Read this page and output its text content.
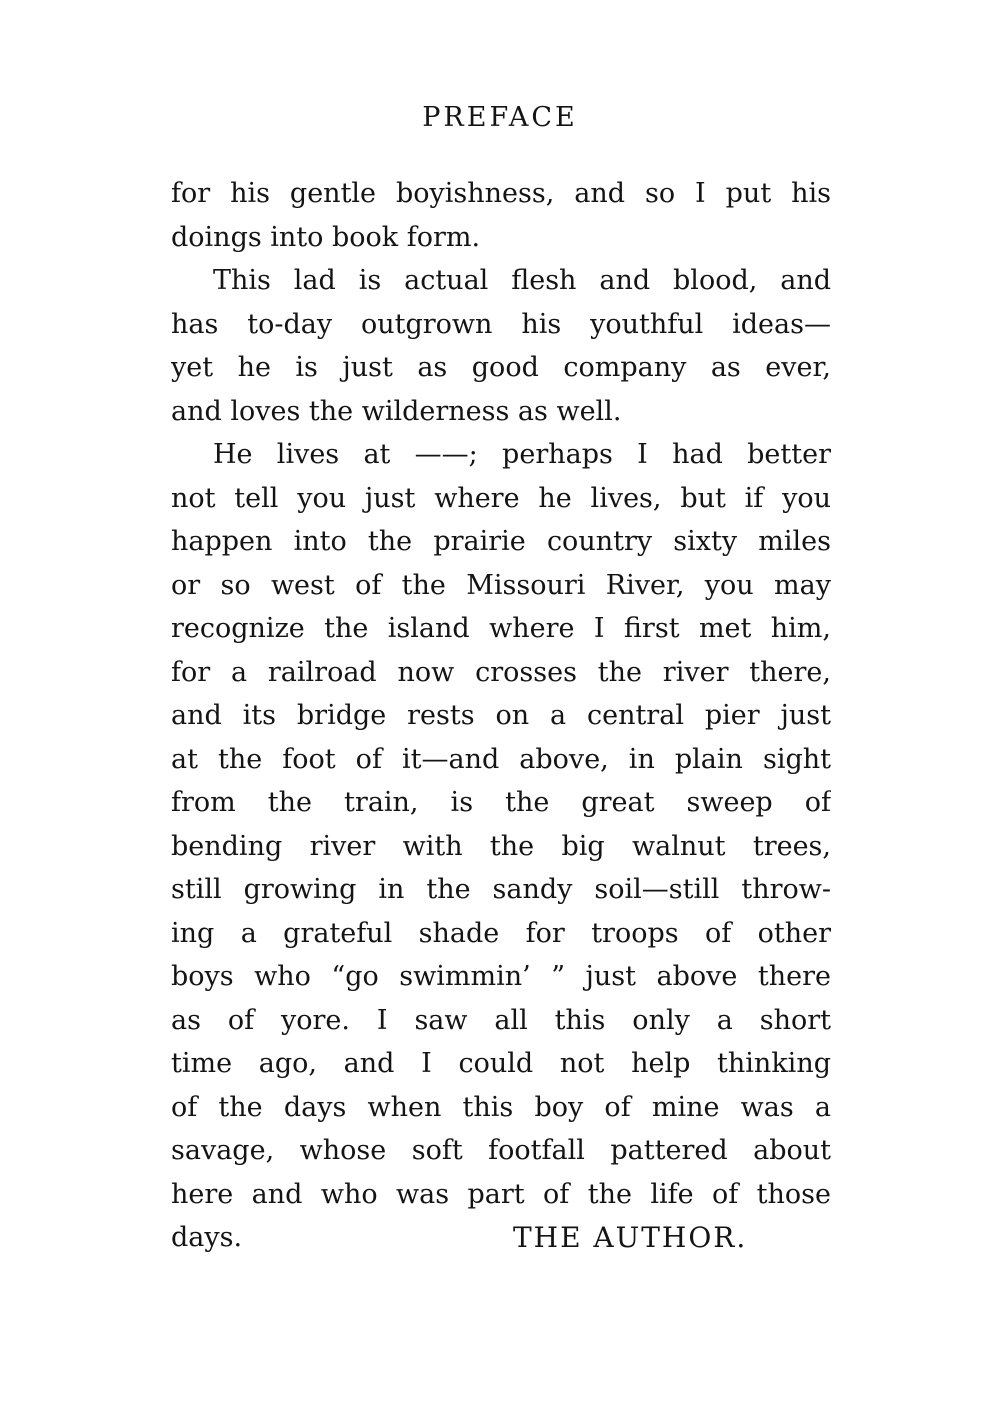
PREFACE
for his gentle boyishness, and so I put his
doings into book form.
This lad is actual flesh and blood, and
has to-day outgrown his youthful ideas—
yet he is just as good company as ever,
and loves the wilderness as well.
He lives at ——; perhaps I had better
not tell you just where he lives, but if you
happen into the prairie country sixty miles
or so west of the Missouri River, you may
recognize the island where I first met him,
for a railroad now crosses the river there,
and its bridge rests on a central pier just
at the foot of it—and above, in plain sight
from the train, is the great sweep of
bending river with the big walnut trees,
still growing in the sandy soil—still throw-
ing a grateful shade for troops of other
boys who “go swimmin’ ” just above there
as of yore. I saw all this only a short
time ago, and I could not help thinking
of the days when this boy of mine was a
savage, whose soft footfall pattered about
here and who was part of the life of those
days.	THE AUTHOR.
